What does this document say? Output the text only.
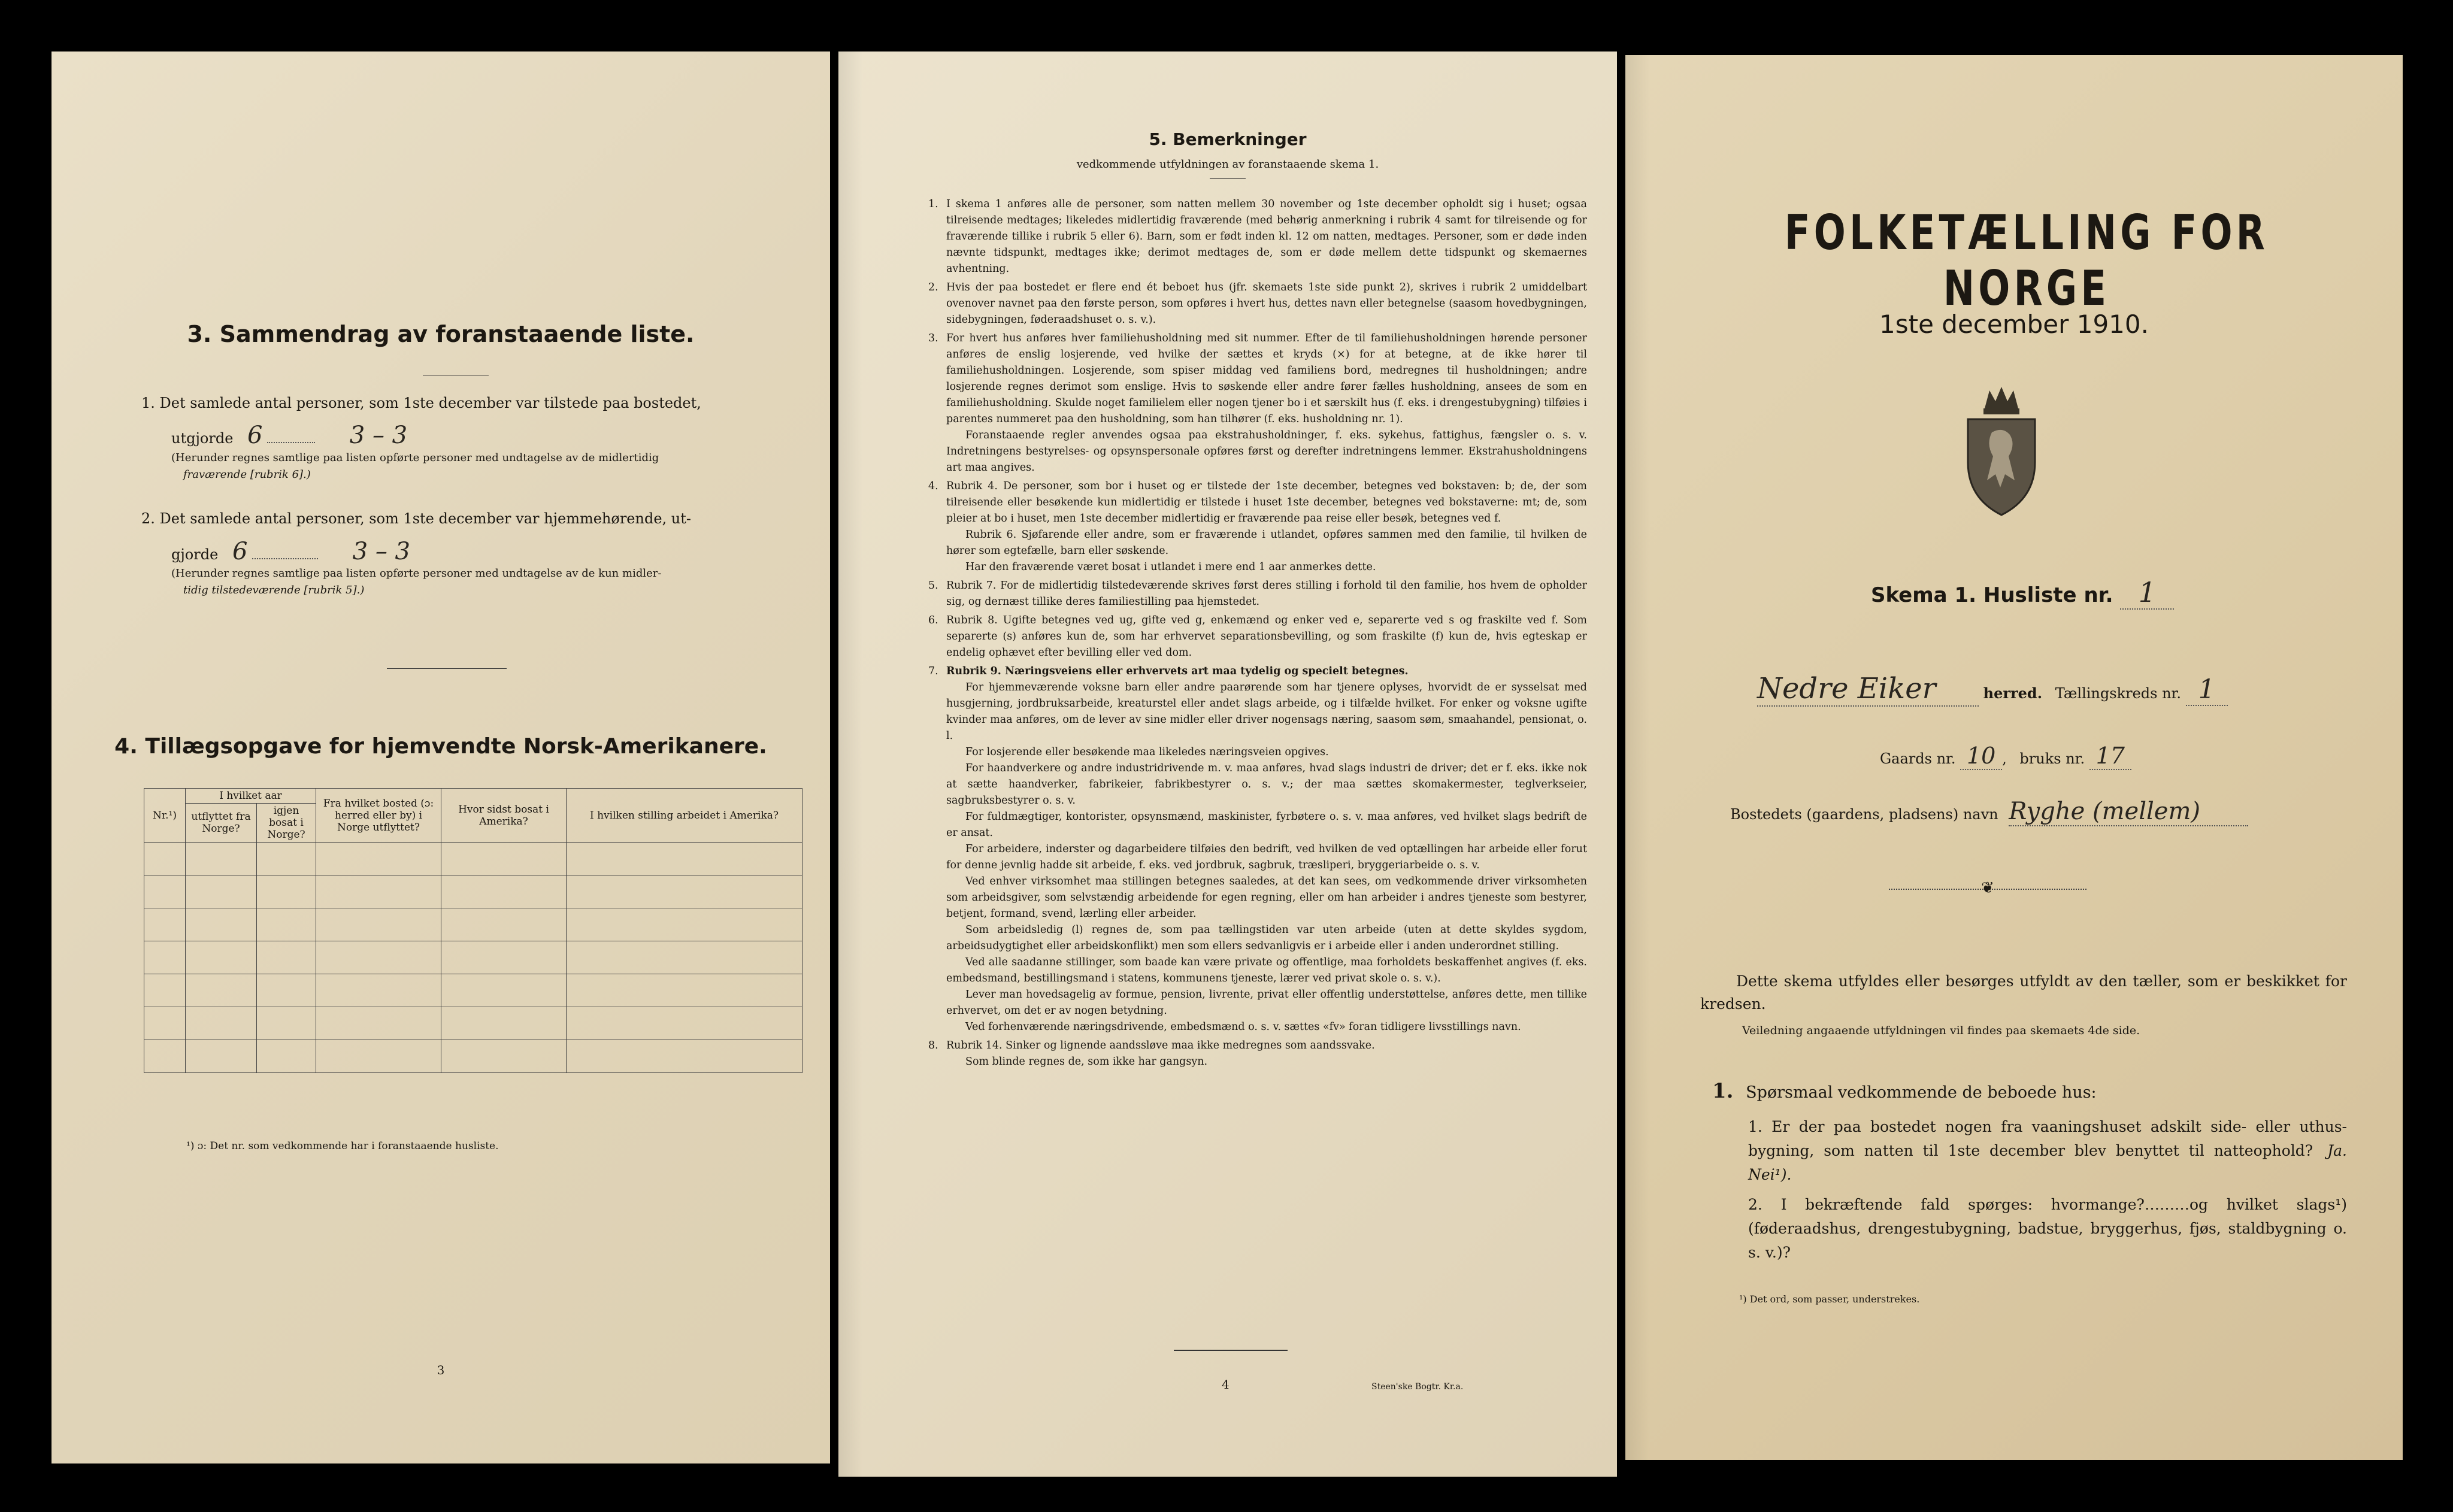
3. Sammendrag av foranstaaende liste.
1. Det samlede antal personer, som 1ste december var tilstede paa bostedet,
utgjorde 6	3 – 3
(Herunder regnes samtlige paa listen opførte personer med undtagelse av de midlertidig
fraværende [rubrik 6].)
2. Det samlede antal personer, som 1ste december var hjemmehørende, ut-
gjorde 6	3 – 3
(Herunder regnes samtlige paa listen opførte personer med undtagelse av de kun midler-
tidig tilstedeværende [rubrik 5].)
4. Tillægsopgave for hjemvendte Norsk-Amerikanere.
Nr.¹)	I hvilket aar		Fra hvilket bosted (ɔ: herred eller by) i Norge utflyttet?	Hvor sidst bosat i Amerika?	I hvilken stilling arbeidet i Amerika?
	utflyttet fra Norge?	igjen bosat i Norge?			

¹) ɔ: Det nr. som vedkommende har i foranstaaende husliste.
3
5. Bemerkninger
vedkommende utfyldningen av foranstaaende skema 1.
1. I skema 1 anføres alle de personer, som natten mellem 30 november og 1ste december opholdt sig i huset; ogsaa tilreisende medtages; likeledes midlertidig fraværende (med behørig anmerkning i rubrik 4 samt for tilreisende og for fraværende tillike i rubrik 5 eller 6). Barn, som er født inden kl. 12 om natten, medtages. Personer, som er døde inden nævnte tidspunkt, medtages ikke; derimot medtages de, som er døde mellem dette tidspunkt og skemaernes avhentning.

2. Hvis der paa bostedet er flere end ét beboet hus (jfr. skemaets 1ste side punkt 2), skrives i rubrik 2 umiddelbart ovenover navnet paa den første person, som opføres i hvert hus, dettes navn eller betegnelse (saasom hovedbygningen, sidebygningen, føderaadshuset o. s. v.).

3. For hvert hus anføres hver familiehusholdning med sit nummer. Efter de til familiehusholdningen hørende personer anføres de enslig losjerende, ved hvilke der sættes et kryds (×) for at betegne, at de ikke hører til familiehusholdningen. Losjerende, som spiser middag ved familiens bord, medregnes til husholdningen; andre losjerende regnes derimot som enslige. Hvis to søskende eller andre fører fælles husholdning, ansees de som en familiehusholdning. Skulde noget familielem eller nogen tjener bo i et særskilt hus (f. eks. i drengestubygning) tilføies i parentes nummeret paa den husholdning, som han tilhører (f. eks. husholdning nr. 1).

Foranstaaende regler anvendes ogsaa paa ekstrahusholdninger, f. eks. sykehus, fattighus, fængsler o. s. v. Indretningens bestyrelses- og opsynspersonale opføres først og derefter indretningens lemmer. Ekstrahusholdningens art maa angives.

4. Rubrik 4. De personer, som bor i huset og er tilstede der 1ste december, betegnes ved bokstaven: b; de, der som tilreisende eller besøkende kun midlertidig er tilstede i huset 1ste december, betegnes ved bokstaverne: mt; de, som pleier at bo i huset, men 1ste december midlertidig er fraværende paa reise eller besøk, betegnes ved f.

Rubrik 6. Sjøfarende eller andre, som er fraværende i utlandet, opføres sammen med den familie, til hvilken de hører som egtefælle, barn eller søskende.

Har den fraværende været bosat i utlandet i mere end 1 aar anmerkes dette.

5. Rubrik 7. For de midlertidig tilstedeværende skrives først deres stilling i forhold til den familie, hos hvem de opholder sig, og dernæst tillike deres familiestilling paa hjemstedet.

6. Rubrik 8. Ugifte betegnes ved ug, gifte ved g, enkemænd og enker ved e, separerte ved s og fraskilte ved f. Som separerte (s) anføres kun de, som har erhvervet separationsbevilling, og som fraskilte (f) kun de, hvis egteskap er endelig ophævet efter bevilling eller ved dom.

7. Rubrik 9. Næringsveiens eller erhvervets art maa tydelig og specielt betegnes.

For hjemmeværende voksne barn eller andre paarørende som har tjenere oplyses, hvorvidt de er sysselsat med husgjerning, jordbruksarbeide, kreaturstel eller andet slags arbeide, og i tilfælde hvilket. For enker og voksne ugifte kvinder maa anføres, om de lever av sine midler eller driver nogensags næring, saasom søm, smaahandel, pensionat, o. l.

For losjerende eller besøkende maa likeledes næringsveien opgives.

For haandverkere og andre industridrivende m. v. maa anføres, hvad slags industri de driver; det er f. eks. ikke nok at sætte haandverker, fabrikeier, fabrikbestyrer o. s. v.; der maa sættes skomakermester, teglverkseier, sagbruksbestyrer o. s. v.

For fuldmægtiger, kontorister, opsynsmænd, maskinister, fyrbøtere o. s. v. maa anføres, ved hvilket slags bedrift de er ansat.

For arbeidere, inderster og dagarbeidere tilføies den bedrift, ved hvilken de ved optællingen har arbeide eller forut for denne jevnlig hadde sit arbeide, f. eks. ved jordbruk, sagbruk, træsliperi, bryggeriarbeide o. s. v.

Ved enhver virksomhet maa stillingen betegnes saaledes, at det kan sees, om vedkommende driver virksomheten som arbeidsgiver, som selvstændig arbeidende for egen regning, eller om han arbeider i andres tjeneste som bestyrer, betjent, formand, svend, lærling eller arbeider.

Som arbeidsledig (l) regnes de, som paa tællingstiden var uten arbeide (uten at dette skyldes sygdom, arbeidsudygtighet eller arbeidskonflikt) men som ellers sedvanligvis er i arbeide eller i anden underordnet stilling.

Ved alle saadanne stillinger, som baade kan være private og offentlige, maa forholdets beskaffenhet angives (f. eks. embedsmand, bestillingsmand i statens, kommunens tjeneste, lærer ved privat skole o. s. v.).

Lever man hovedsagelig av formue, pension, livrente, privat eller offentlig understøttelse, anføres dette, men tillike erhvervet, om det er av nogen betydning.

Ved forhenværende næringsdrivende, embedsmænd o. s. v. sættes «fv» foran tidligere livsstillings navn.

8. Rubrik 14. Sinker og lignende aandssløve maa ikke medregnes som aandssvake.

Som blinde regnes de, som ikke har gangsyn.

4	Steen'ske Bogtr. Kr.a.
FOLKETÆLLING FOR NORGE
1ste december 1910.
Skema 1. Husliste nr. 1
Nedre Eiker	herred. Tællingskreds nr. 1
Gaards nr. 10 , bruks nr. 17
Bostedets (gaardens, pladsens) navn Ryghe (mellem)
❦
Dette skema utfyldes eller besørges utfyldt av den tæller, som er beskikket for kredsen.
Veiledning angaaende utfyldningen vil findes paa skemaets 4de side.
1. Spørsmaal vedkommende de beboede hus:
1. Er der paa bostedet nogen fra vaaningshuset adskilt side- eller uthus-bygning, som natten til 1ste december blev benyttet til natteophold? Ja. Nei¹).
2. I bekræftende fald spørges: hvormange?………og hvilket slags¹) (føderaadshus, drengestubygning, badstue, bryggerhus, fjøs, staldbygning o. s. v.)?
¹) Det ord, som passer, understrekes.
